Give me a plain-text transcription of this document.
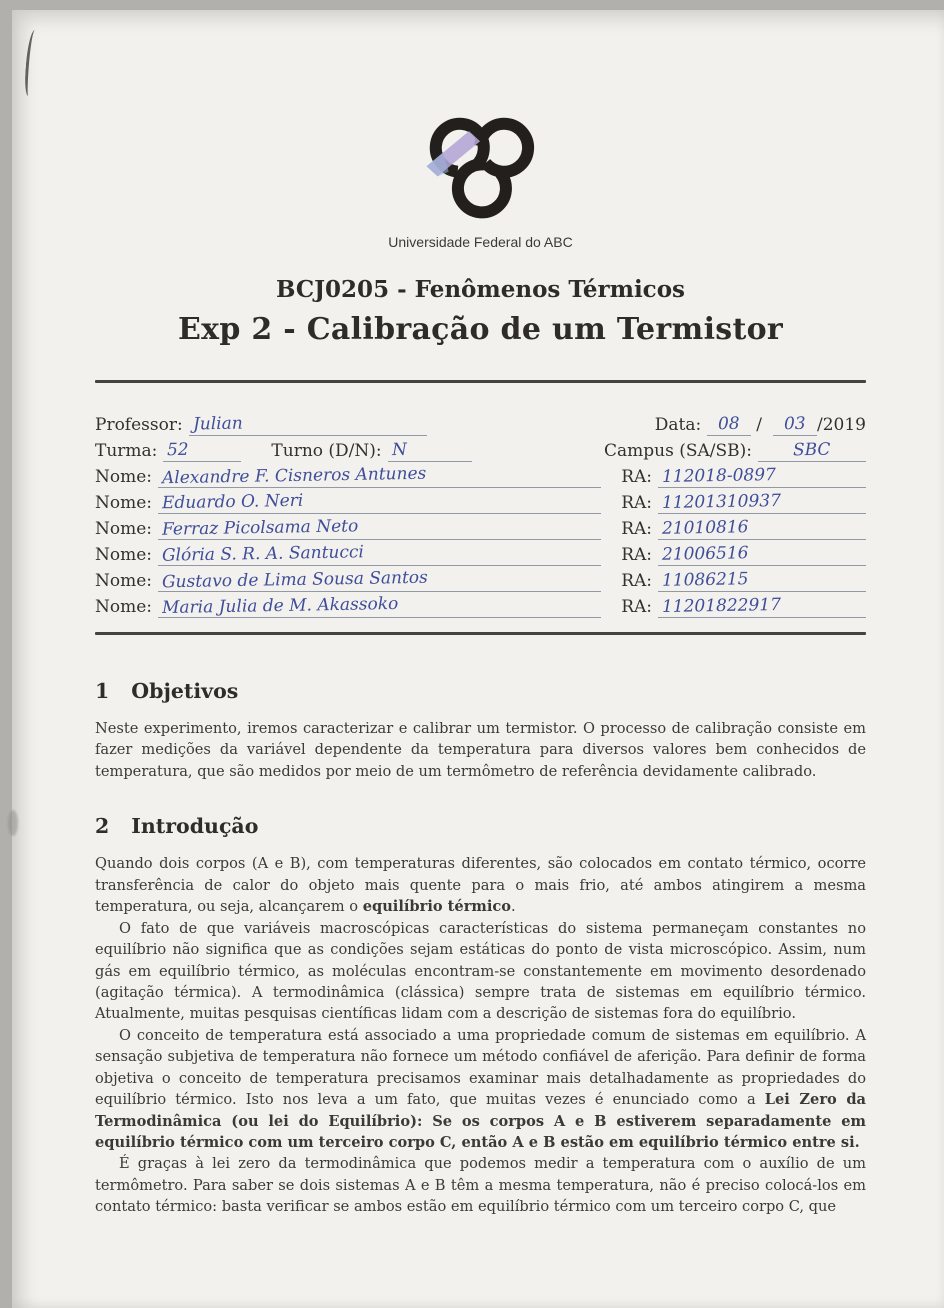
Universidade Federal do ABC
BCJ0205 - Fenômenos Térmicos
Exp 2 - Calibração de um Termistor
Professor: Julian	Data: 08 /	03 /2019
Turma: 52	Turno (D/N): N	Campus (SA/SB):	SBC
Nome: Alexandre F. Cisneros Antunes	RA: 112018-0897
Nome: Eduardo O. Neri	RA: 11201310937
Nome: Ferraz Picolsama Neto	RA: 21010816
Nome: Glória S. R. A. Santucci	RA: 21006516
Nome: Gustavo de Lima Sousa Santos	RA: 11086215
Nome: Maria Julia de M. Akassoko	RA: 11201822917
1 Objetivos

Neste experimento, iremos caracterizar e calibrar um termistor. O processo de calibração consiste em fazer medições da variável dependente da temperatura para diversos valores bem conhecidos de temperatura, que são medidos por meio de um termômetro de referência devidamente calibrado.

2 Introdução

Quando dois corpos (A e B), com temperaturas diferentes, são colocados em contato térmico, ocorre transferência de calor do objeto mais quente para o mais frio, até ambos atingirem a mesma temperatura, ou seja, alcançarem o equilíbrio térmico.

O fato de que variáveis macroscópicas características do sistema permaneçam constantes no equilíbrio não significa que as condições sejam estáticas do ponto de vista microscópico. Assim, num gás em equilíbrio térmico, as moléculas encontram-se constantemente em movimento desordenado (agitação térmica). A termodinâmica (clássica) sempre trata de sistemas em equilíbrio térmico. Atualmente, muitas pesquisas científicas lidam com a descrição de sistemas fora do equilíbrio.

O conceito de temperatura está associado a uma propriedade comum de sistemas em equilíbrio. A sensação subjetiva de temperatura não fornece um método confiável de aferição. Para definir de forma objetiva o conceito de temperatura precisamos examinar mais detalhadamente as propriedades do equilíbrio térmico. Isto nos leva a um fato, que muitas vezes é enunciado como a Lei Zero da Termodinâmica (ou lei do Equilíbrio): Se os corpos A e B estiverem separadamente em equilíbrio térmico com um terceiro corpo C, então A e B estão em equilíbrio térmico entre si.

É graças à lei zero da termodinâmica que podemos medir a temperatura com o auxílio de um termômetro. Para saber se dois sistemas A e B têm a mesma temperatura, não é preciso colocá-los em contato térmico: basta verificar se ambos estão em equilíbrio térmico com um terceiro corpo C, que
